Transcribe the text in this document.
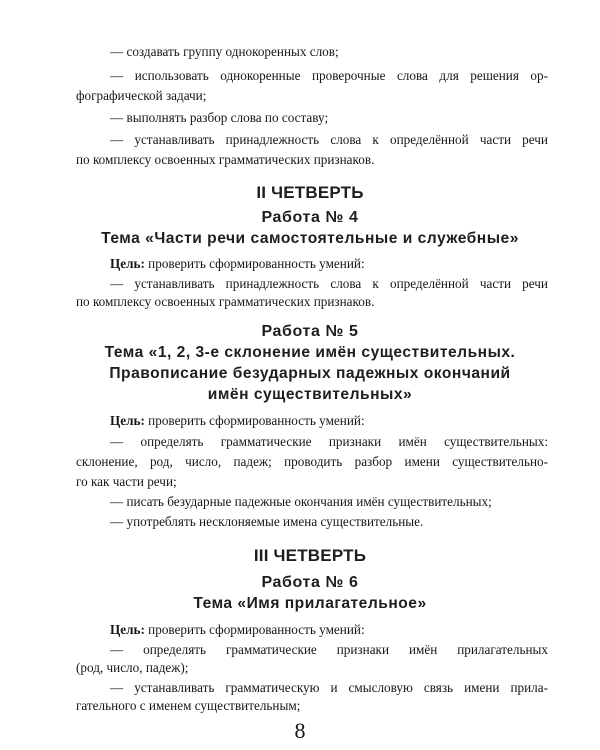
— создавать группу однокоренных слов;
— использовать однокоренные проверочные слова для решения ор-
фографической задачи;
— выполнять разбор слова по составу;
— устанавливать принадлежность слова к определённой части речи
по комплексу освоенных грамматических признаков.
II ЧЕТВЕРТЬ
Работа № 4
Тема «Части речи самостоятельные и служебные»
Цель: проверить сформированность умений:
— устанавливать принадлежность слова к определённой части речи
по комплексу освоенных грамматических признаков.
Работа № 5
Тема «1, 2, 3-е склонение имён существительных.
Правописание безударных падежных окончаний
имён существительных»
Цель: проверить сформированность умений:
— определять грамматические признаки имён существительных:
склонение, род, число, падеж; проводить разбор имени существительно-
го как части речи;
— писать безударные падежные окончания имён существительных;
— употреблять несклоняемые имена существительные.
III ЧЕТВЕРТЬ
Работа № 6
Тема «Имя прилагательное»
Цель: проверить сформированность умений:
— определять грамматические признаки имён прилагательных
(род, число, падеж);
— устанавливать грамматическую и смысловую связь имени прила-
гательного с именем существительным;
8
